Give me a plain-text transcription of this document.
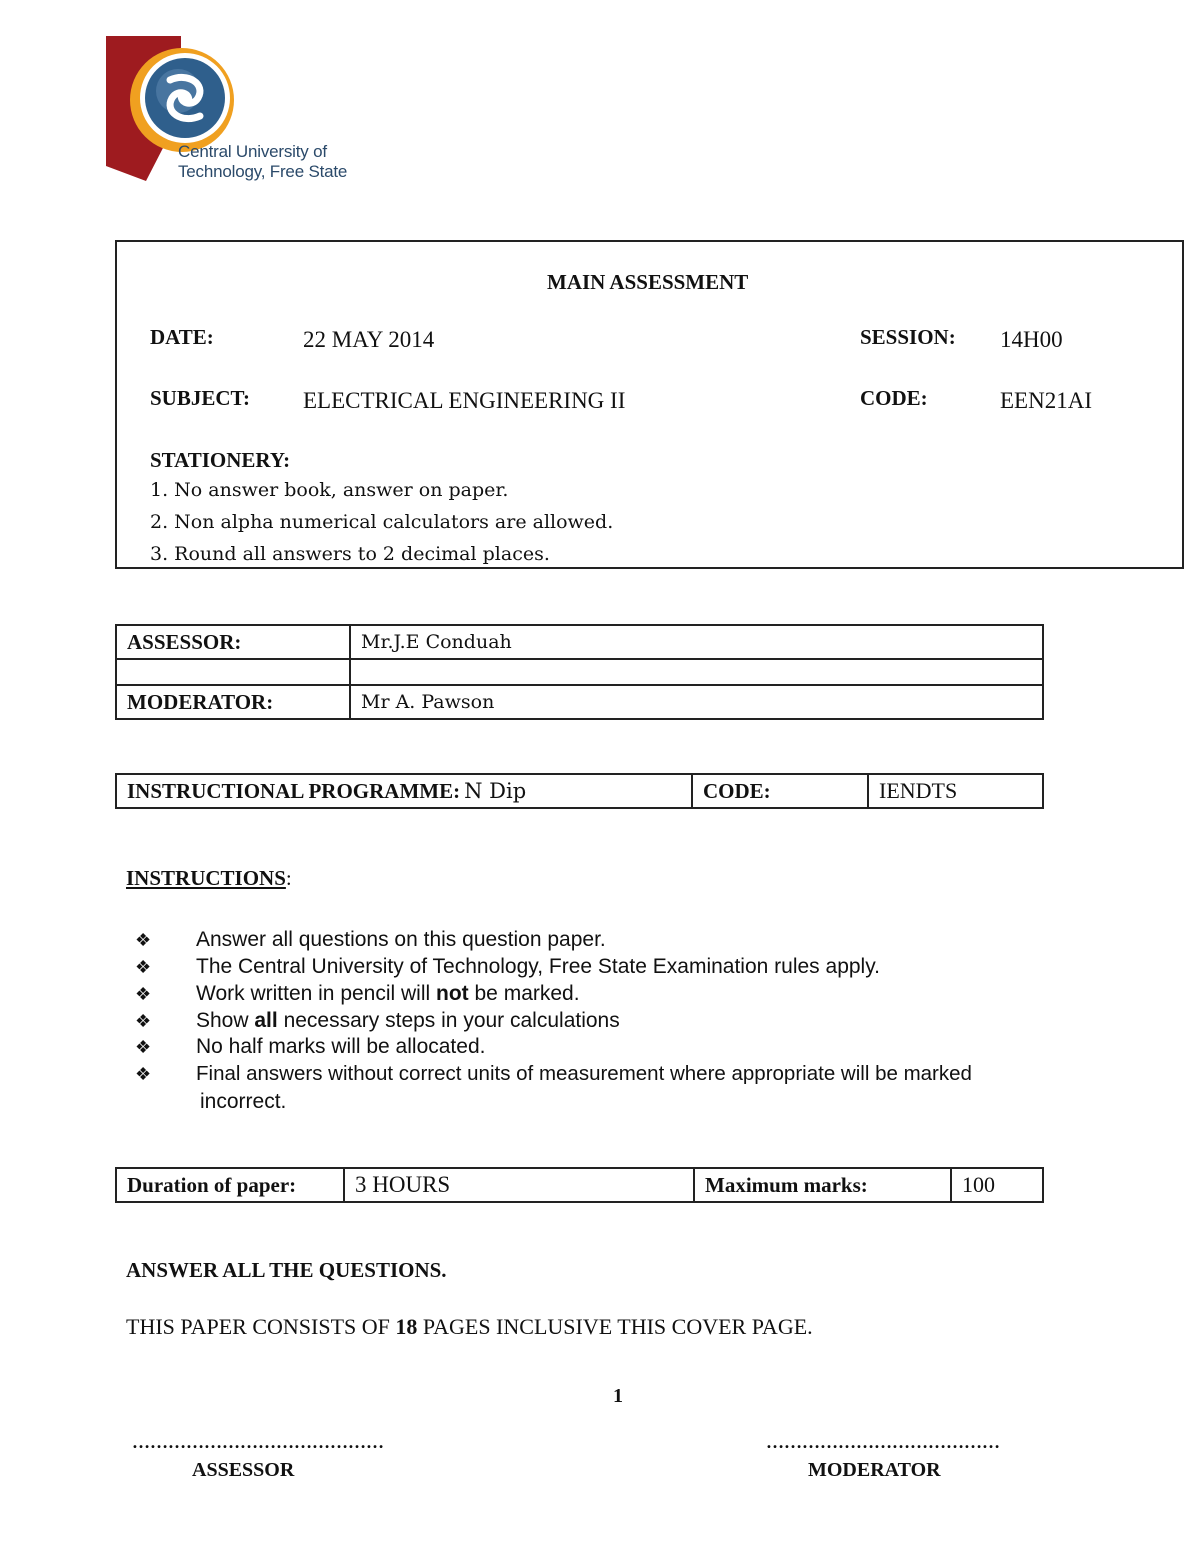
Central University of
Technology, Free State
MAIN ASSESSMENT
DATE:	22 MAY 2014	SESSION: 14H00
SUBJECT: ELECTRICAL ENGINEERING II	CODE:	EEN21AI
STATIONERY:
1. No answer book, answer on paper.
2. Non alpha numerical calculators are allowed.
3. Round all answers to 2 decimal places.
ASSESSOR:	Mr.J.E Conduah

MODERATOR:	Mr A. Pawson
INSTRUCTIONAL PROGRAMME: N Dip	CODE:	IENDTS
INSTRUCTIONS:
❖ Answer all questions on this question paper.
❖ The Central University of Technology, Free State Examination rules apply.
❖ Work written in pencil will not be marked.
❖ Show all necessary steps in your calculations
❖ No half marks will be allocated.
❖ Final answers without correct units of measurement where appropriate will be marked
incorrect.
Duration of paper:	3 HOURS	Maximum marks:	100
ANSWER ALL THE QUESTIONS.
THIS PAPER CONSISTS OF 18 PAGES INCLUSIVE THIS COVER PAGE.
1
……………………………………
ASSESSOR
…………………………………
MODERATOR
